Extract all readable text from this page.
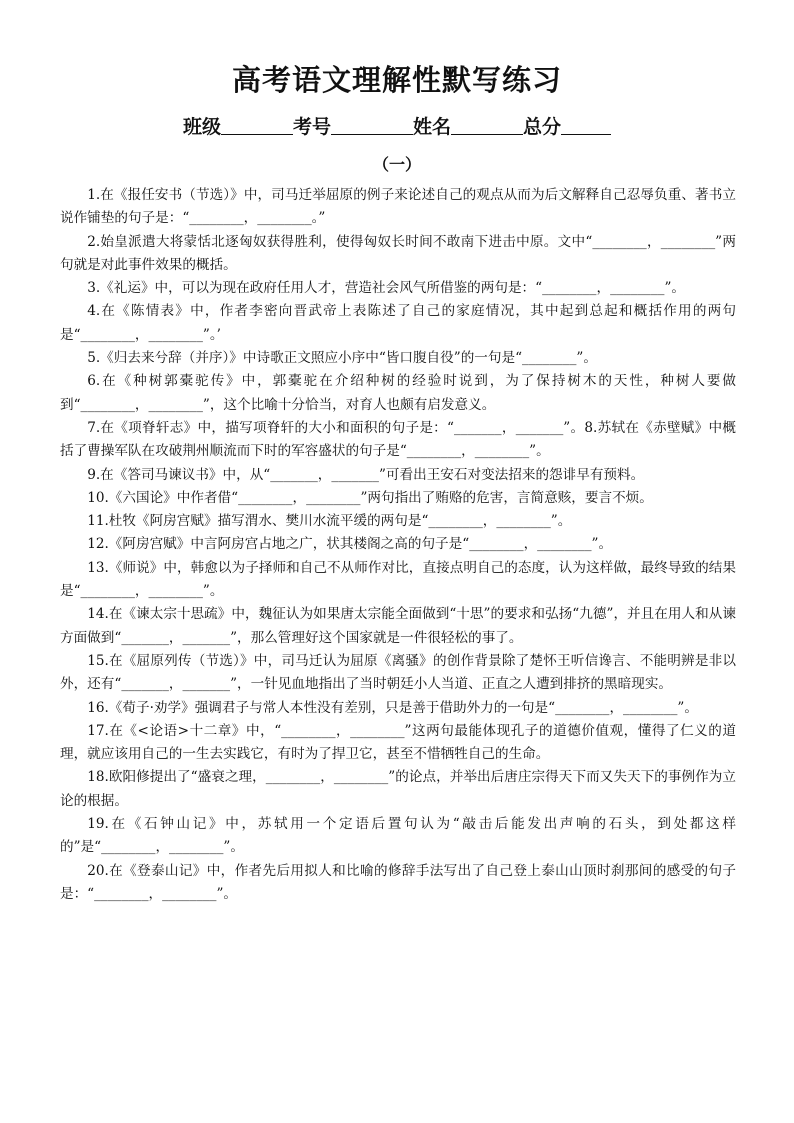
高考语文理解性默写练习
班级	考号	姓名	总分
（一）

1.在《报任安书（节选）》中，司马迁举屈原的例子来论述自己的观点从而为后文解释自己忍辱负重、著书立说作铺垫的句子是：“________，________。”

2.始皇派遣大将蒙恬北逐匈奴获得胜利，使得匈奴长时间不敢南下进击中原。文中“________，________”两句就是对此事件效果的概括。

3.《礼运》中，可以为现在政府任用人才，营造社会风气所借鉴的两句是：“________，________”。

4.在《陈情表》中，作者李密向晋武帝上表陈述了自己的家庭情况，其中起到总起和概括作用的两句是“________，________”。’

5.《归去来兮辞（并序）》中诗歌正文照应小序中“皆口腹自役”的一句是“________”。

6.在《种树郭橐驼传》中，郭橐驼在介绍种树的经验时说到，为了保持树木的天性，种树人要做到“________，________”，这个比喻十分恰当，对育人也颇有启发意义。

7.在《项脊轩志》中，描写项脊轩的大小和面积的句子是：“_______，_______”。8.苏轼在《赤壁赋》中概括了曹操军队在攻破荆州顺流而下时的军容盛状的句子是“________，________”。

9.在《答司马谏议书》中，从“_______，_______”可看出王安石对变法招来的怨诽早有预料。

10.《六国论》中作者借“________，________”两句指出了贿赂的危害，言简意赅，要言不烦。

11.杜牧《阿房宫赋》描写渭水、樊川水流平缓的两句是“________，________”。

12.《阿房宫赋》中言阿房宫占地之广，状其楼阁之高的句子是“________，________”。

13.《师说》中，韩愈以为子择师和自己不从师作对比，直接点明自己的态度，认为这样做，最终导致的结果是“________，________”。

14.在《谏太宗十思疏》中，魏征认为如果唐太宗能全面做到“十思”的要求和弘扬“九德”，并且在用人和从谏方面做到“_______，_______”，那么管理好这个国家就是一件很轻松的事了。

15.在《屈原列传（节选）》中，司马迁认为屈原《离骚》的创作背景除了楚怀王听信谗言、不能明辨是非以外，还有“_______，_______”，一针见血地指出了当时朝廷小人当道、正直之人遭到排挤的黑暗现实。

16.《荀子·劝学》强调君子与常人本性没有差别，只是善于借助外力的一句是“________，________”。

17.在《<论语>十二章》中，“________，________”这两句最能体现孔子的道德价值观，懂得了仁义的道理，就应该用自己的一生去实践它，有时为了捍卫它，甚至不惜牺牲自己的生命。

18.欧阳修提出了“盛衰之理，________，________”的论点，并举出后唐庄宗得天下而又失天下的事例作为立论的根据。

19.在《石钟山记》中，苏轼用一个定语后置句认为“敲击后能发出声响的石头，到处都这样的”是“________，________”。

20.在《登泰山记》中，作者先后用拟人和比喻的修辞手法写出了自己登上泰山山顶时刹那间的感受的句子是：“________，________”。
